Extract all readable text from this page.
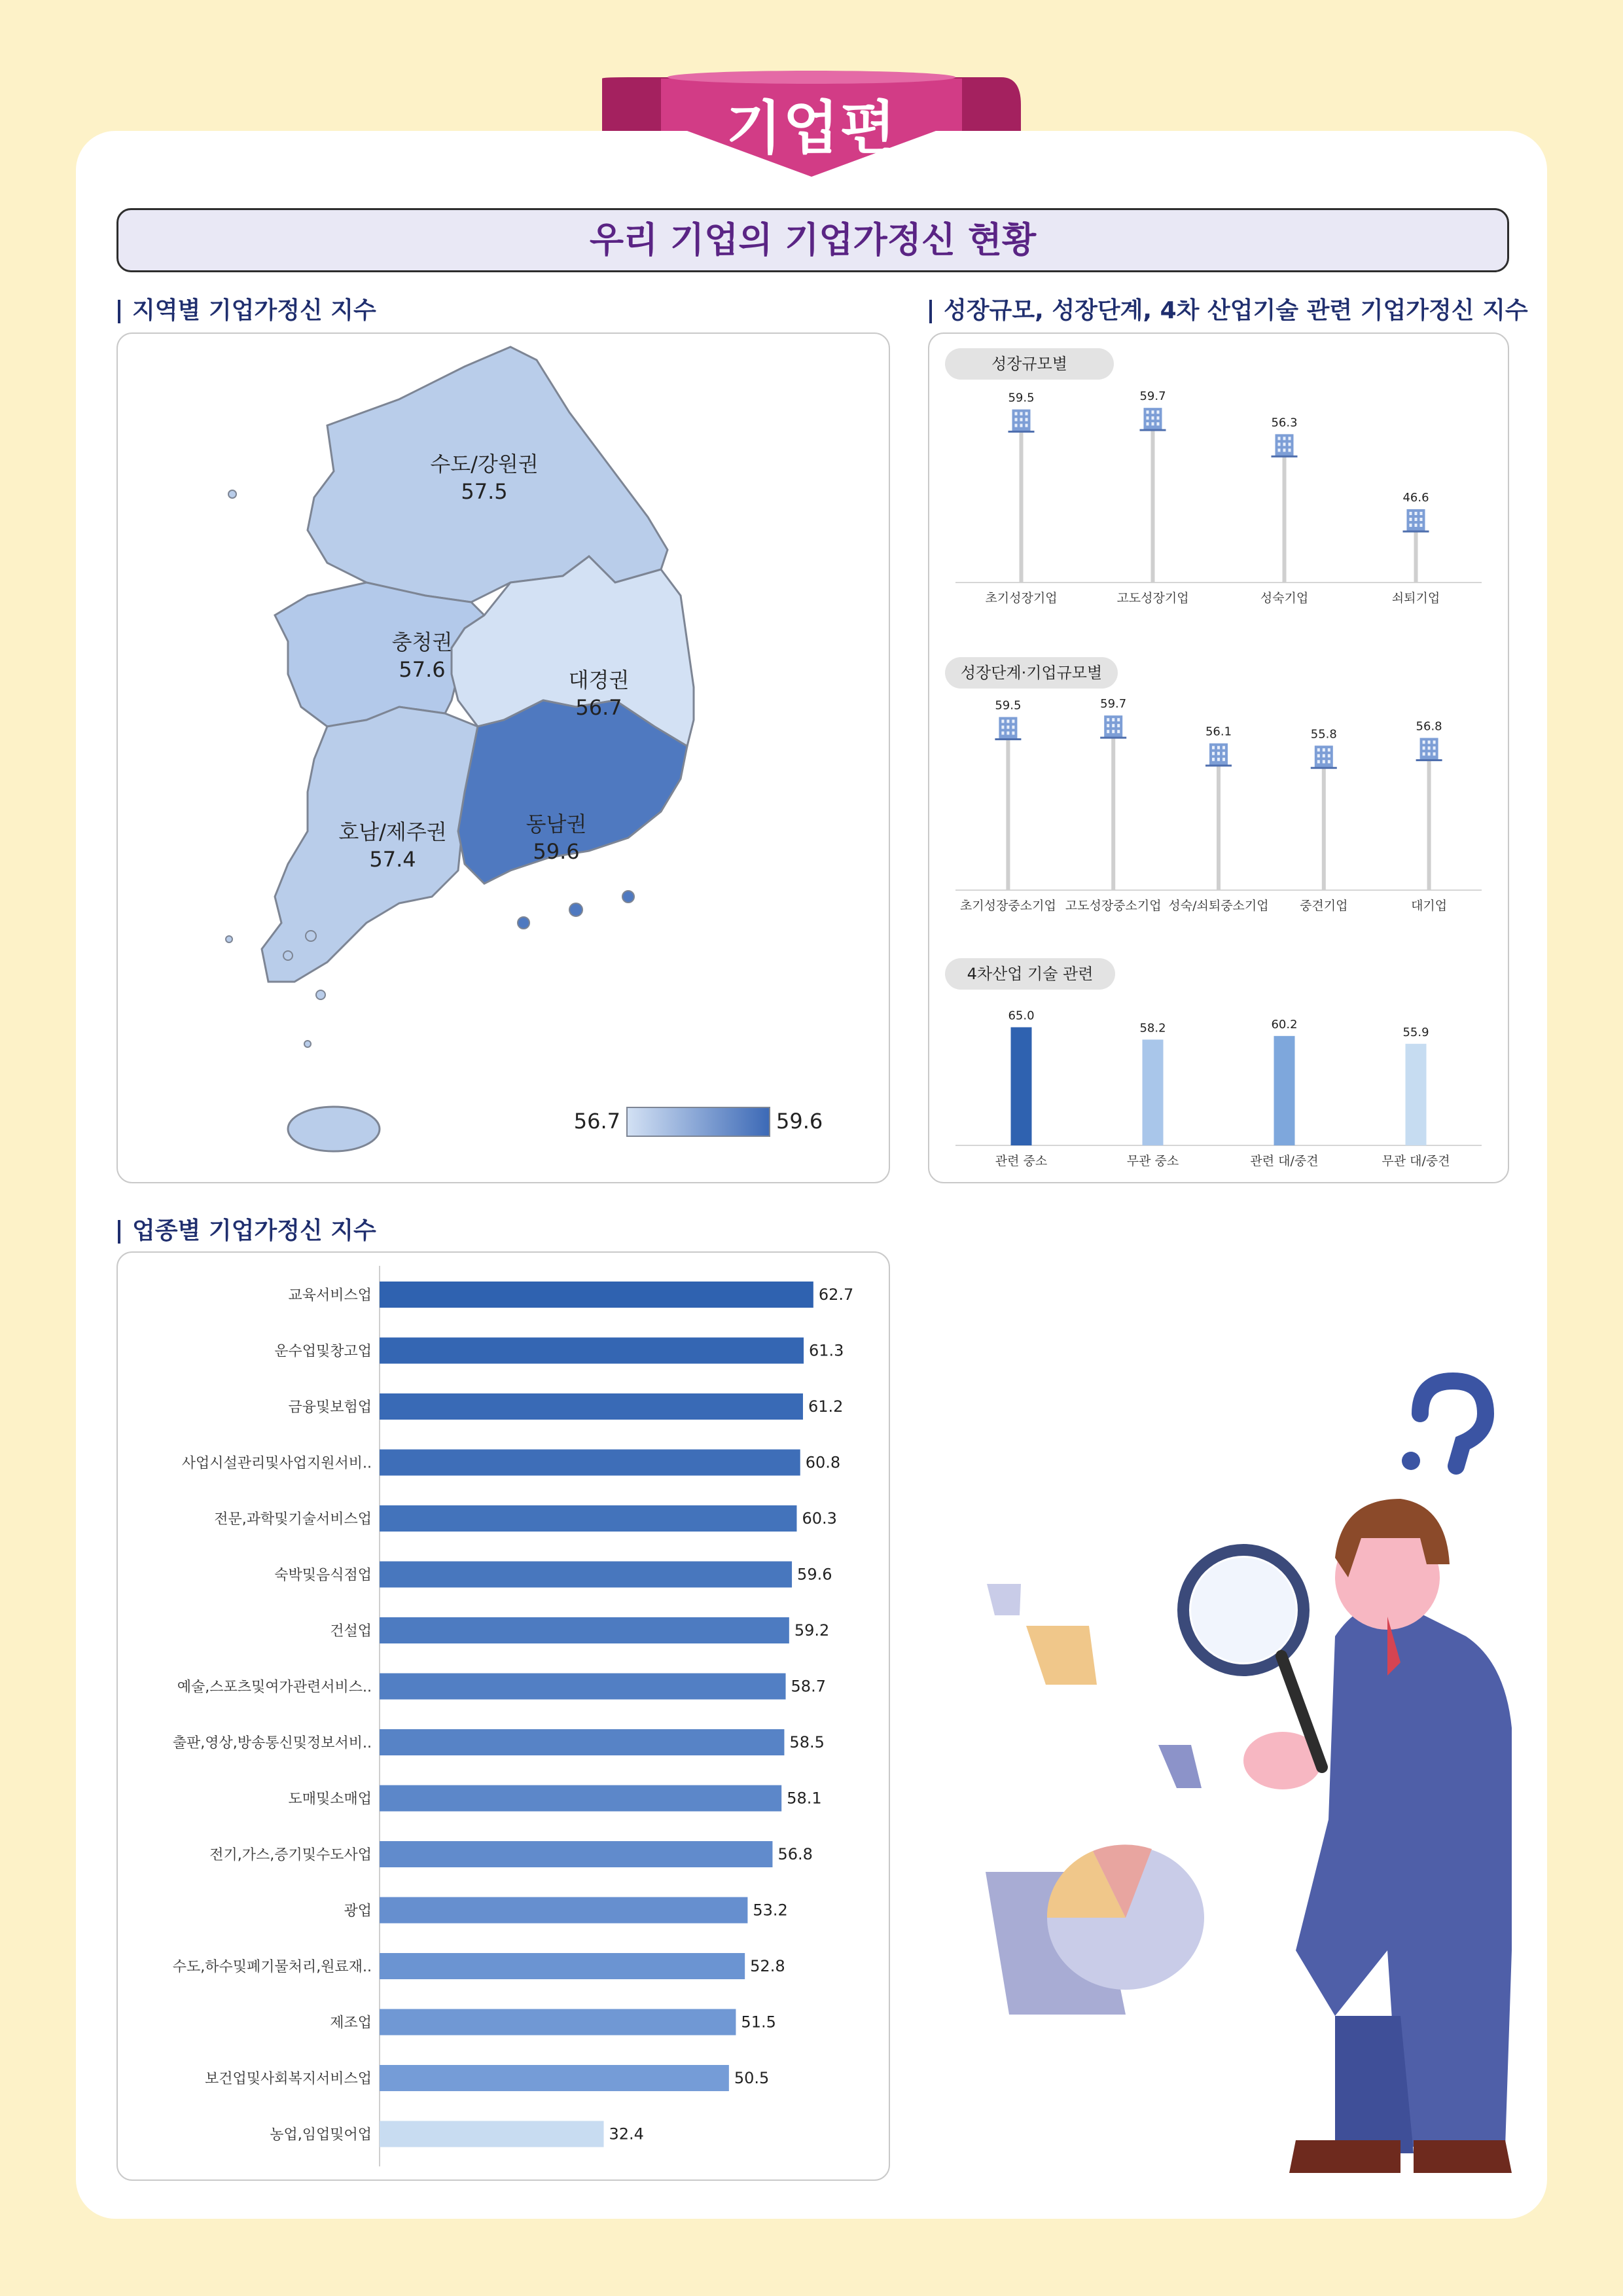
기업편
우리 기업의 기업가정신 현황
지역별 기업가정신 지수	성장규모, 성장단계, 4차 산업기술 관련 기업가정신 지수
업종별 기업가정신 지수
수도/강원권
57.5
충청권
57.6	대경권
56.7
호남/제주권
57.4
동남권
59.6
56.7	59.6
성장규모별
59.5
초기성장기업
59.7
고도성장기업
56.3
성숙기업
46.6
쇠퇴기업
성장단계·기업규모별
59.5
초기성장중소기업
59.7
고도성장중소기업
56.1
성숙/쇠퇴중소기업
55.8
중견기업
56.8
대기업
4차산업 기술 관련
65.0
관련 중소
58.2
무관 중소
60.2
관련 대/중견
55.9
무관 대/중견
62.7
교육서비스업
61.3
운수업및창고업
61.2
금융및보험업
60.8
사업시설관리및사업지원서비..
60.3
전문,과학및기술서비스업
59.6
숙박및음식점업
59.2
건설업
58.7
예술,스포츠및여가관련서비스..
58.5
출판,영상,방송통신및정보서비..
58.1
도매및소매업
56.8
전기,가스,증기및수도사업
53.2
광업
52.8
수도,하수및폐기물처리,원료재..
51.5
제조업
50.5
보건업및사회복지서비스업
32.4
농업,임업및어업
